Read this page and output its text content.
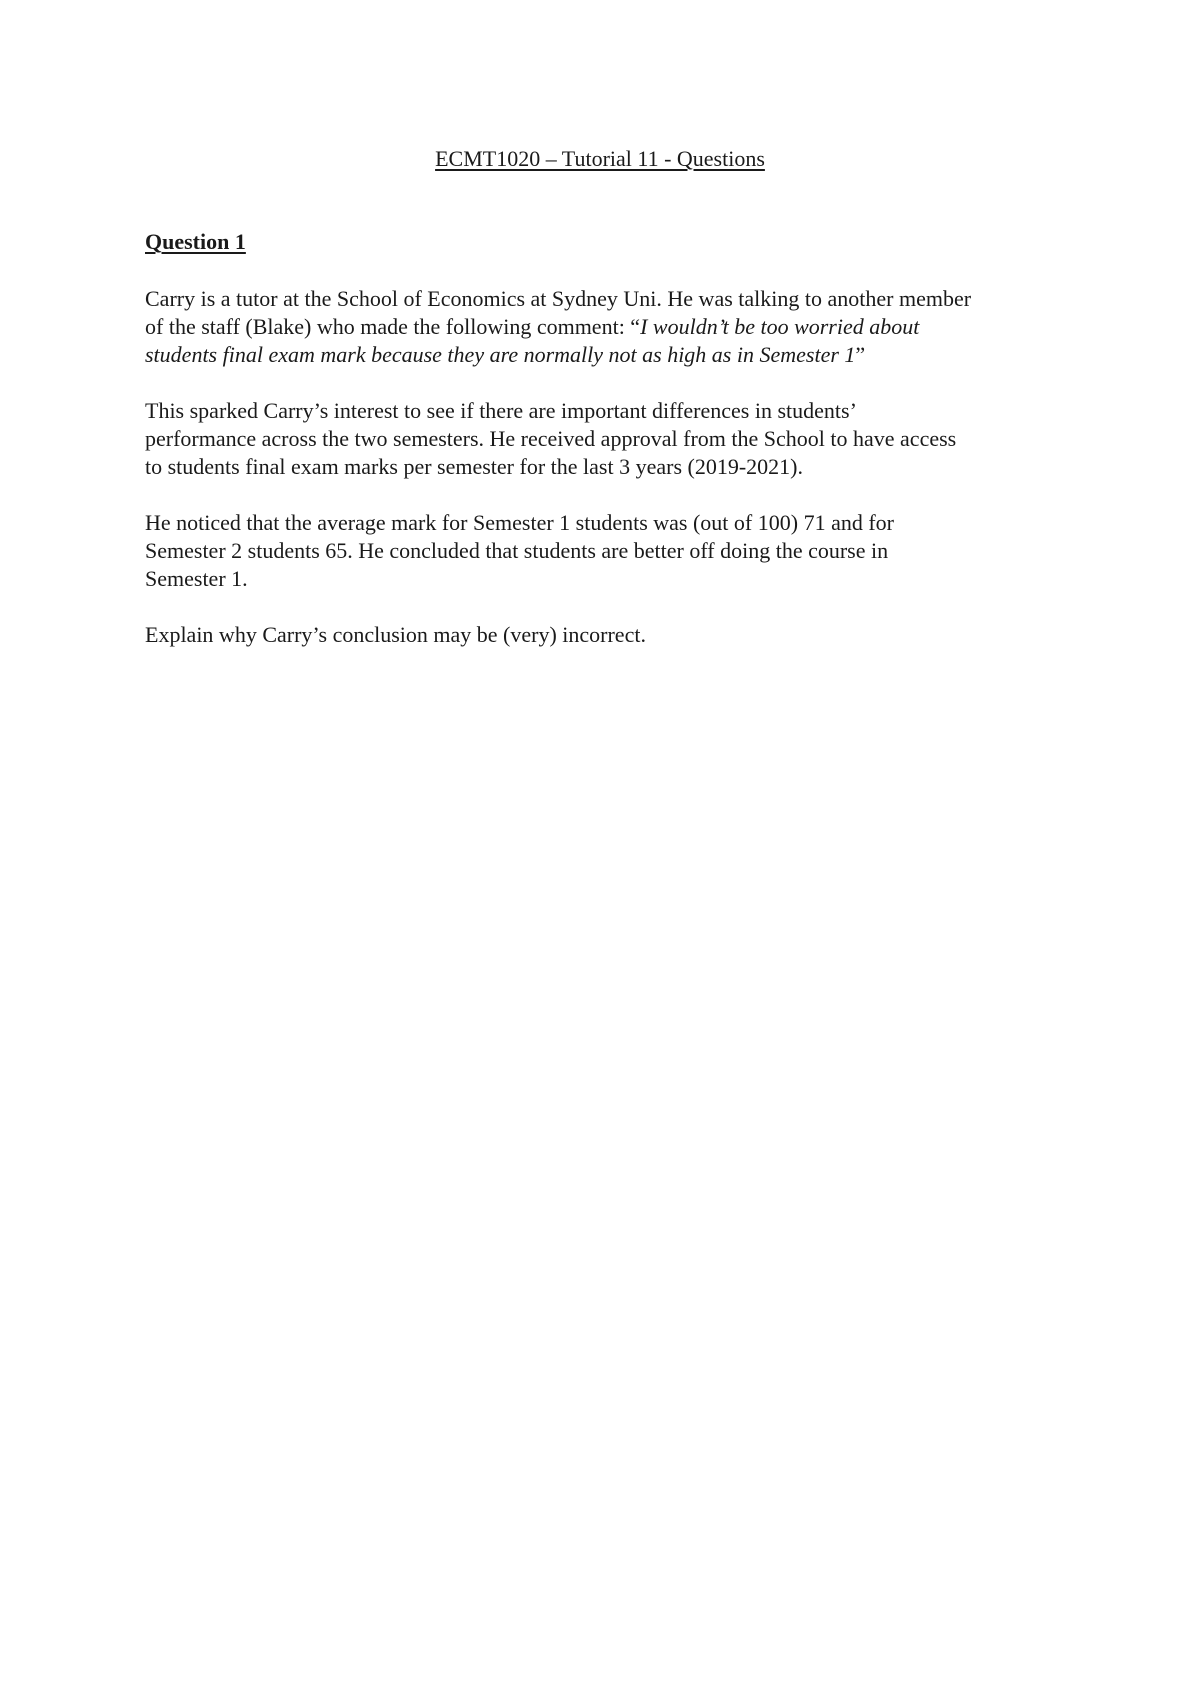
ECMT1020 – Tutorial 11 - Questions

Question 1

Carry is a tutor at the School of Economics at Sydney Uni. He was talking to another member
of the staff (Blake) who made the following comment: “I wouldn’t be too worried about
students final exam mark because they are normally not as high as in Semester 1”

This sparked Carry’s interest to see if there are important differences in students’
performance across the two semesters. He received approval from the School to have access
to students final exam marks per semester for the last 3 years (2019-2021).

He noticed that the average mark for Semester 1 students was (out of 100) 71 and for
Semester 2 students 65. He concluded that students are better off doing the course in
Semester 1.

Explain why Carry’s conclusion may be (very) incorrect.
